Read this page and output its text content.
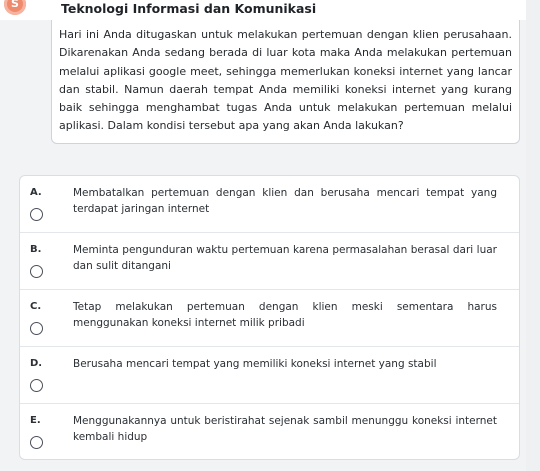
S	Teknologi Informasi dan Komunikasi

Hari ini Anda ditugaskan untuk melakukan pertemuan dengan klien perusahaan. Dikarenakan Anda sedang berada di luar kota maka Anda melakukan pertemuan melalui aplikasi google meet, sehingga memerlukan koneksi internet yang lancar dan stabil. Namun daerah tempat Anda memiliki koneksi internet yang kurang baik sehingga menghambat tugas Anda untuk melakukan pertemuan melalui aplikasi. Dalam kondisi tersebut apa yang akan Anda lakukan?

A.	Membatalkan pertemuan dengan klien dan berusaha mencari tempat yang terdapat jaringan internet
B.	Meminta pengunduran waktu pertemuan karena permasalahan berasal dari luar dan sulit ditangani
C.	Tetap melakukan pertemuan dengan klien meski sementara harus menggunakan koneksi internet milik pribadi
D.	Berusaha mencari tempat yang memiliki koneksi internet yang stabil
E.	Menggunakannya untuk beristirahat sejenak sambil menunggu koneksi internet kembali hidup
